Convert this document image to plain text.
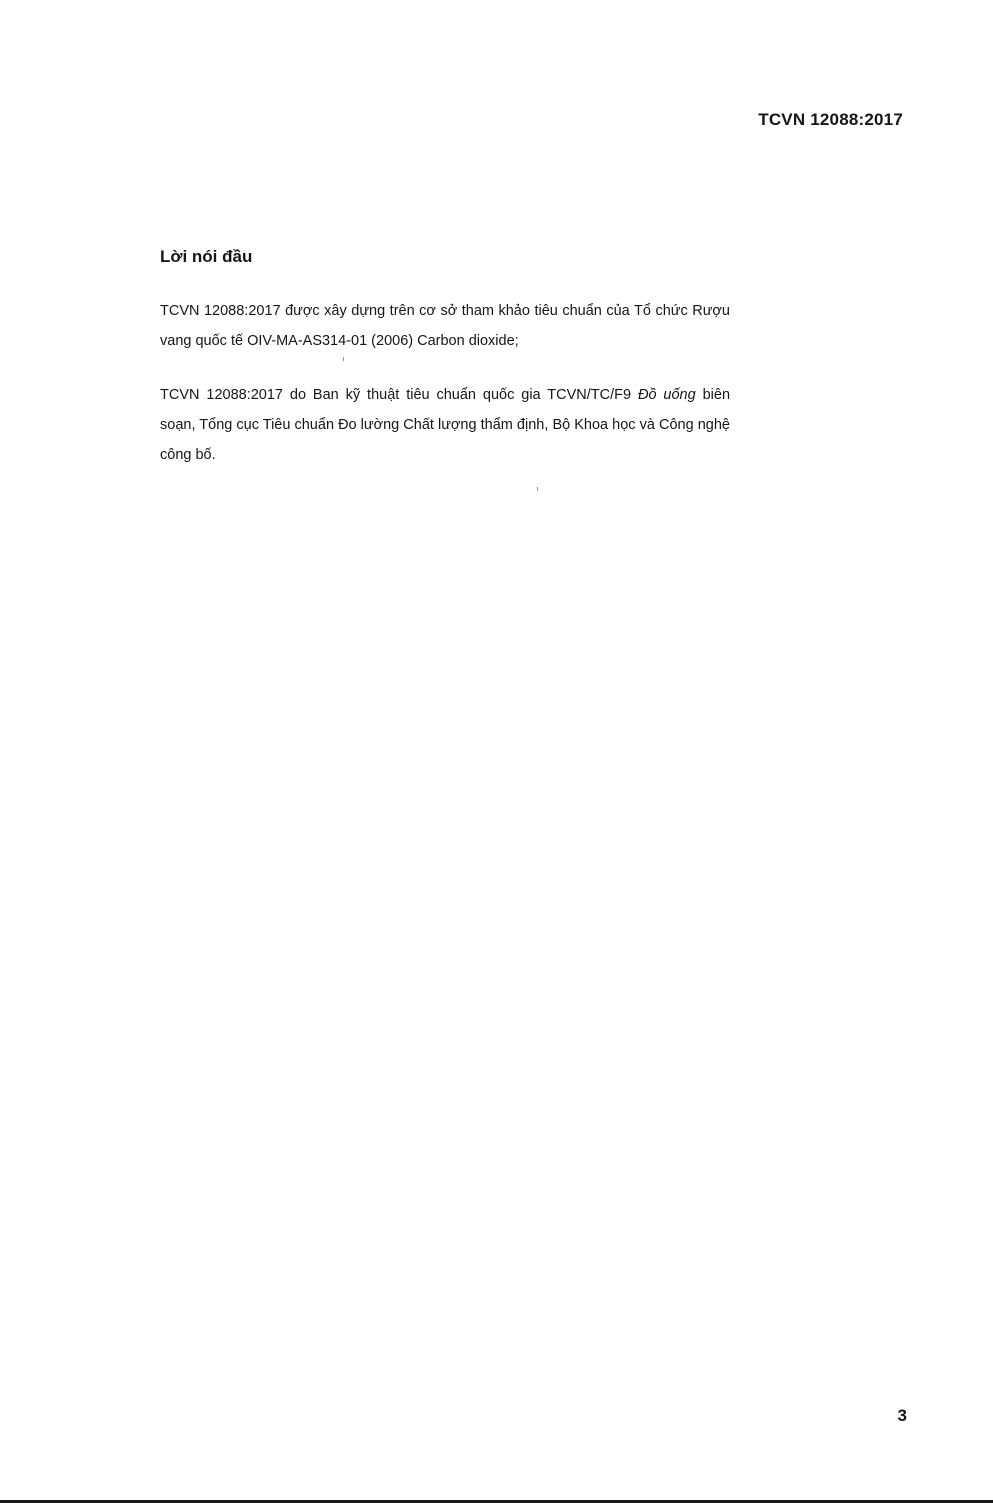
TCVN 12088:2017
Lời nói đầu

TCVN 12088:2017 được xây dựng trên cơ sở tham khảo tiêu chuẩn của Tổ chức Rượu vang quốc tế OIV-MA-AS314-01 (2006) Carbon dioxide;

TCVN 12088:2017 do Ban kỹ thuật tiêu chuẩn quốc gia TCVN/TC/F9 Đồ uống biên soạn, Tổng cục Tiêu chuẩn Đo lường Chất lượng thẩm định, Bộ Khoa học và Công nghệ công bố.

3
